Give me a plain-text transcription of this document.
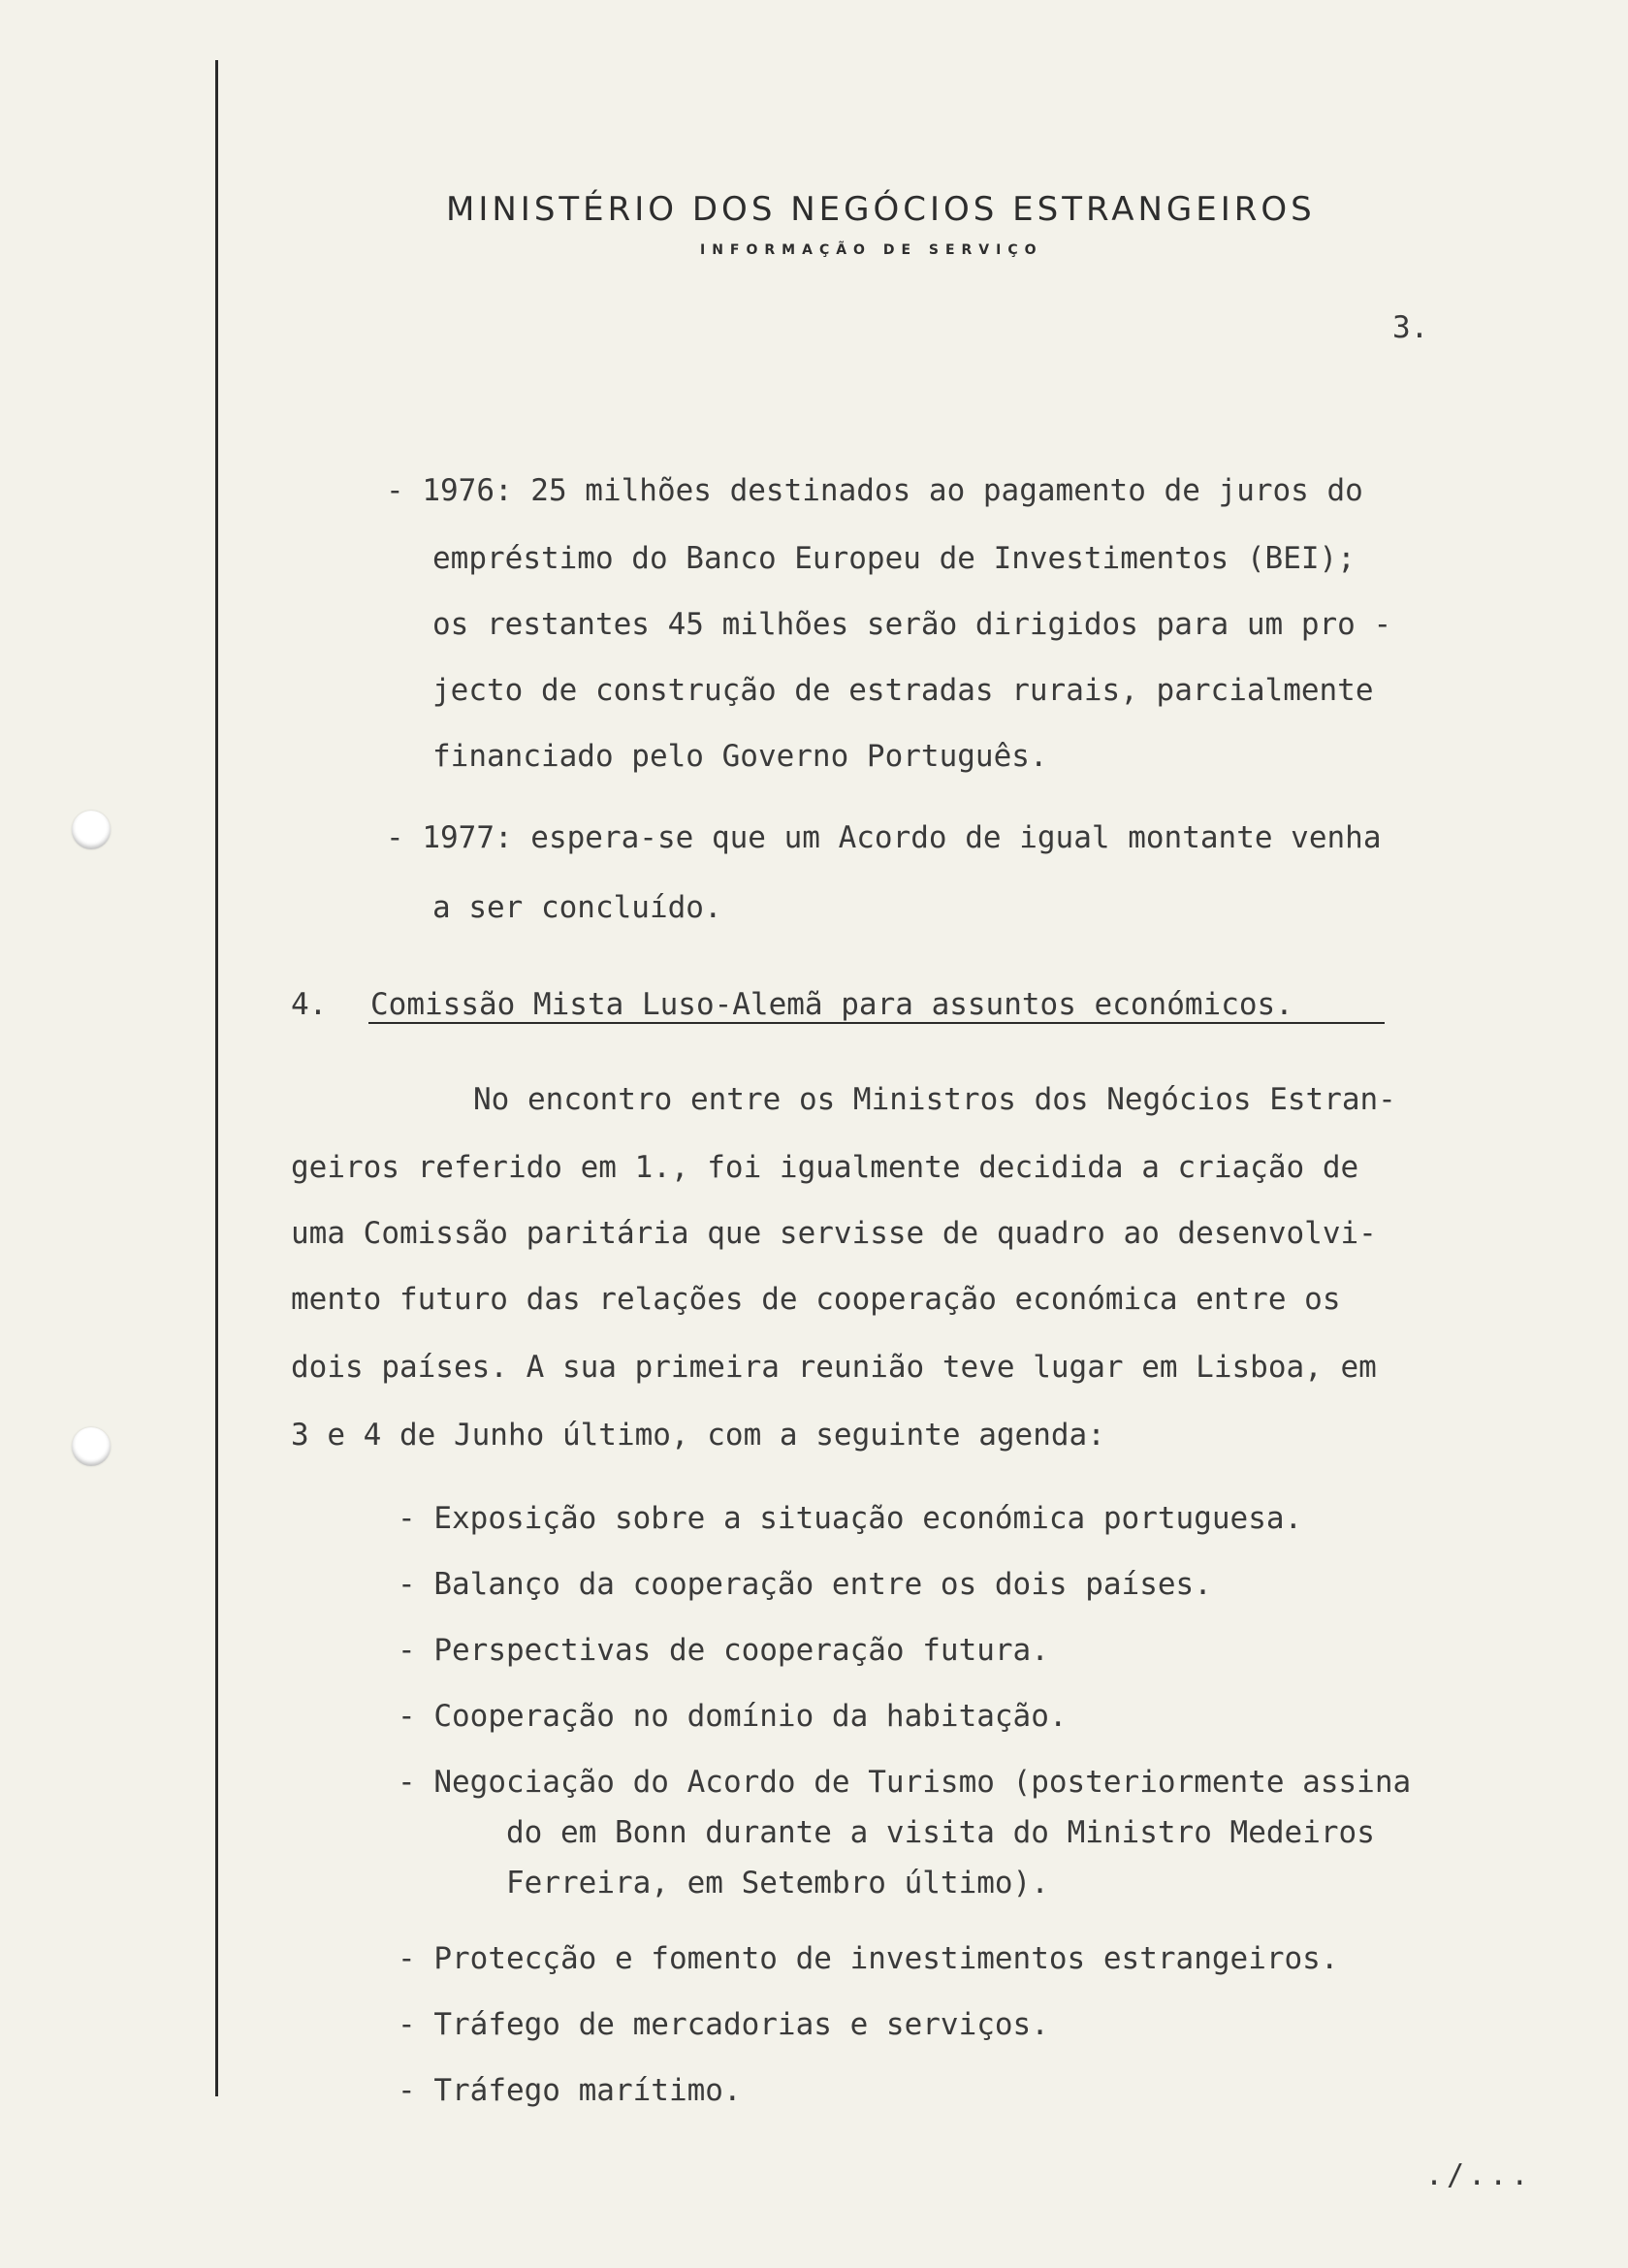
MINISTÉRIO DOS NEGÓCIOS ESTRANGEIROS
INFORMAÇÃO DE SERVIÇO
3.
- 1976: 25 milhões destinados ao pagamento de juros do
empréstimo do Banco Europeu de Investimentos (BEI);
os restantes 45 milhões serão dirigidos para um pro -
jecto de construção de estradas rurais, parcialmente
financiado pelo Governo Português.
- 1977: espera-se que um Acordo de igual montante venha
a ser concluído.
4. Comissão Mista Luso-Alemã para assuntos económicos.
No encontro entre os Ministros dos Negócios Estran-
geiros referido em 1., foi igualmente decidida a criação de
uma Comissão paritária que servisse de quadro ao desenvolvi-
mento futuro das relações de cooperação económica entre os
dois países. A sua primeira reunião teve lugar em Lisboa, em
3 e 4 de Junho último, com a seguinte agenda:
- Exposição sobre a situação económica portuguesa.
- Balanço da cooperação entre os dois países.
- Perspectivas de cooperação futura.
- Cooperação no domínio da habitação.
- Negociação do Acordo de Turismo (posteriormente assina
do em Bonn durante a visita do Ministro Medeiros
Ferreira, em Setembro último).
- Protecção e fomento de investimentos estrangeiros.
- Tráfego de mercadorias e serviços.
- Tráfego marítimo.
./...
